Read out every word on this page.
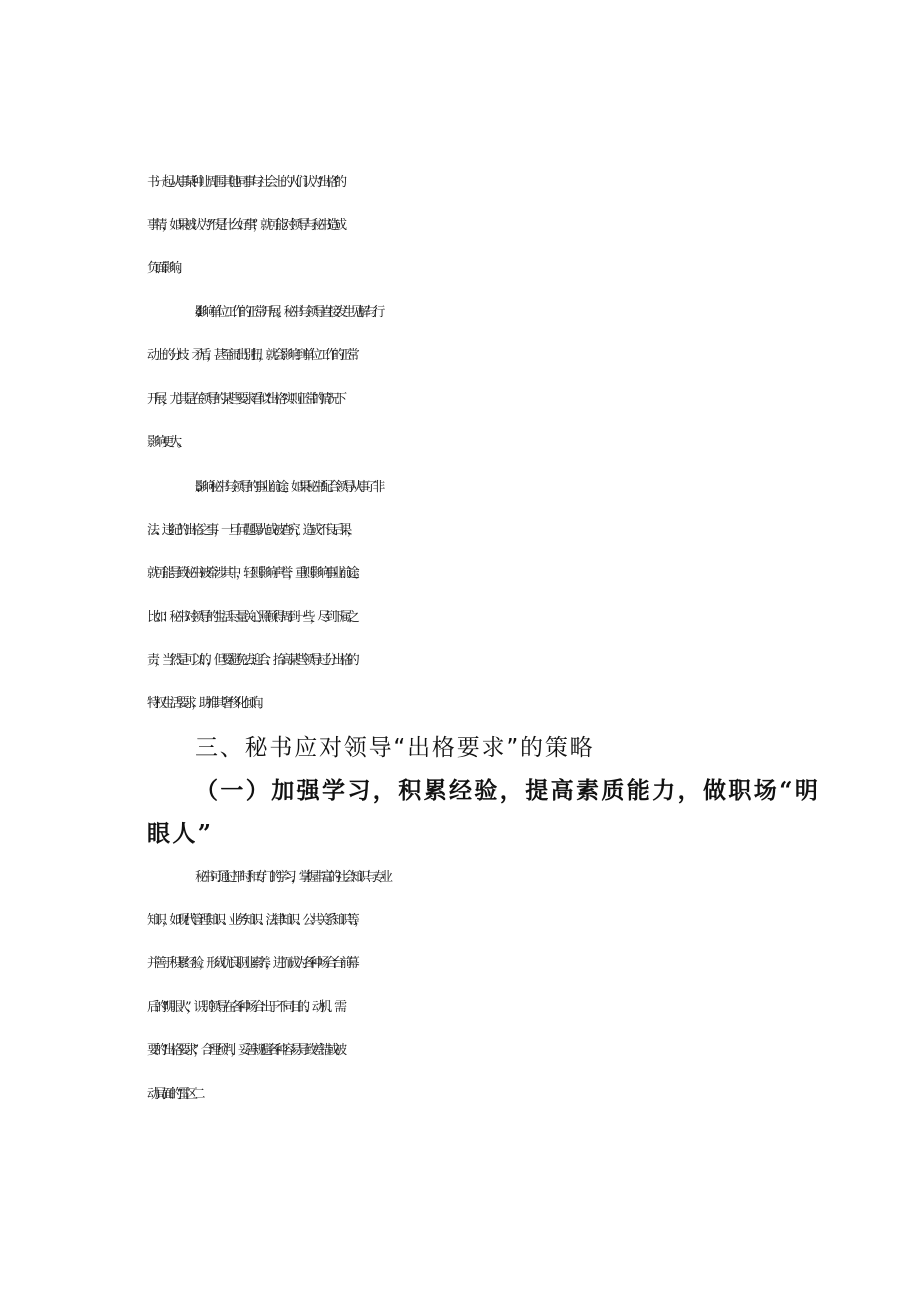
书一起从事某种让周围其他同事与社会上的人们认为“出格”的
事情，如果被认为“不是什么好事”，就可能对领导与秘书造成
负面影响。
4 .影响单位工作的正常开展。秘书与领导直接发生见解与行
动上的分歧、矛盾，甚至闹出别扭，就会影响到单位工作的正常
开展，尤其是在领导的某些要求看似“出格”实则正常的情况下
影响更大。
5 .影响秘书与领导的事业前途。如果秘书配合领导从事了非
法、违纪的出格之事，一旦问题曝光或被查究，造成不良后果，
就可能导致秘书被牵涉其中，轻则影响声誉，重则影响事业前途。
比如：秘书对领导的生活尽量关心照顾得周到一些，尽到下属之
责，当然是可以的，但要避免去迎合、抬高某些领导过分出格的
特权生活要求，助推其奢侈化倾向。
三、秘书应对领导“出格要求”的策略
（一）加强学习，积累经验，提高素质能力，做职场“明
眼人”
秘书可通过平时和专门的学习，掌握丰富的社会知识与专业
知识，如现代管理知识、业务知识、法律知识、公共关系知识等，
并善于积累经验，形成优良职业素养，进而成为各种场合台前幕
后的“明眼人”，识别领导在各种场合出于不同目的、动机、需
要的“出格要求”，合理预判，妥善规避各种容易导致差错或被
动局面的“雷区二
